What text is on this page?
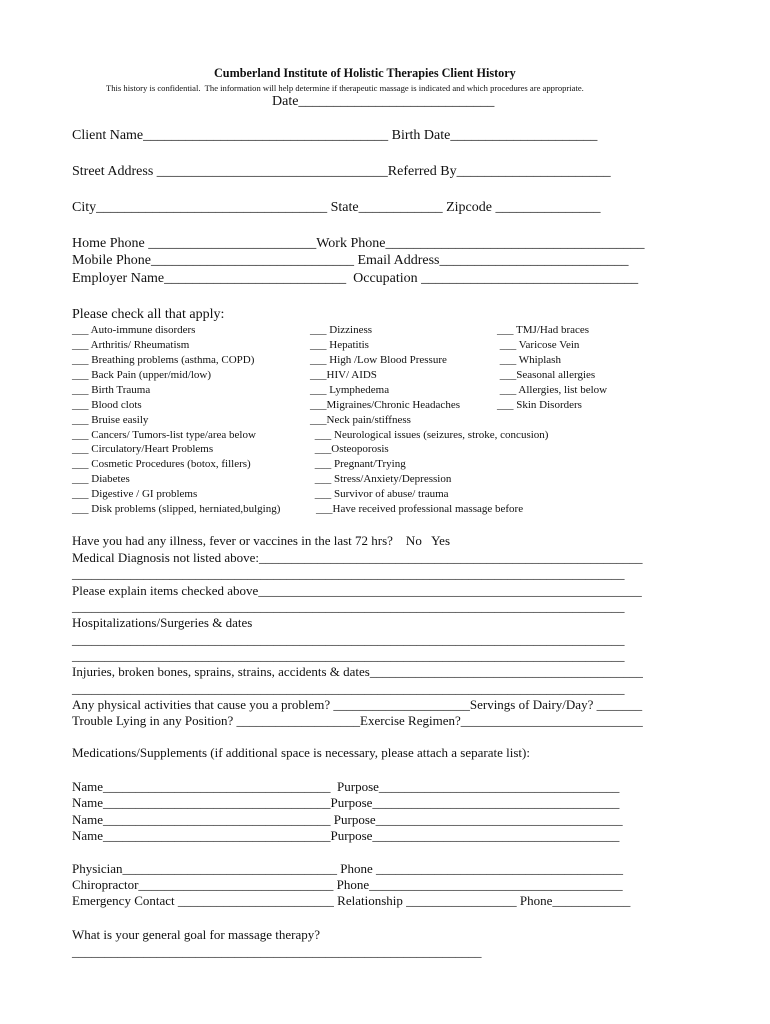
Cumberland Institute of Holistic Therapies Client History
This history is confidential.  The information will help determine if therapeutic massage is indicated and which procedures are appropriate.
Date____________________________
Client Name___________________________________ Birth Date_____________________
Street Address _________________________________Referred By______________________
City_________________________________ State____________ Zipcode _______________
Home Phone ________________________Work Phone_____________________________________
Mobile Phone_____________________________ Email Address___________________________
Employer Name__________________________  Occupation _______________________________
Please check all that apply:
___ Auto-immune disorders
___ Arthritis/ Rheumatism
___ Breathing problems (asthma, COPD)
___ Back Pain (upper/mid/low)
___ Birth Trauma
___ Blood clots
___ Bruise easily
___ Cancers/ Tumors-list type/area below
___ Circulatory/Heart Problems
___ Cosmetic Procedures (botox, fillers)
___ Diabetes
___ Digestive / GI problems
___ Disk problems (slipped, herniated,bulging)
___ Dizziness
___ Hepatitis
___ High /Low Blood Pressure
___HIV/ AIDS
___ Lymphedema
___Migraines/Chronic Headaches
___Neck pain/stiffness
___ Neurological issues (seizures, stroke, concusion)
___Osteoporosis
___ Pregnant/Trying
___ Stress/Anxiety/Depression
___ Survivor of abuse/ trauma
___Have received professional massage before
___ TMJ/Had braces
___ Varicose Vein
___ Whiplash
___Seasonal allergies
___ Allergies, list below
___ Skin Disorders
Have you had any illness, fever or vaccines in the last 72 hrs?    No   Yes
Medical Diagnosis not listed above:___________________________________________________________
_____________________________________________________________________________________
Please explain items checked above___________________________________________________________
_____________________________________________________________________________________
Hospitalizations/Surgeries & dates
_____________________________________________________________________________________
_____________________________________________________________________________________
Injuries, broken bones, sprains, strains, accidents & dates__________________________________________
_____________________________________________________________________________________
Any physical activities that cause you a problem? _____________________Servings of Dairy/Day? _______
Trouble Lying in any Position? ___________________Exercise Regimen?____________________________
Medications/Supplements (if additional space is necessary, please attach a separate list):
Name___________________________________  Purpose_____________________________________
Name___________________________________Purpose______________________________________
Name___________________________________ Purpose______________________________________
Name___________________________________Purpose______________________________________
Physician_________________________________ Phone ______________________________________
Chiropractor______________________________ Phone_______________________________________
Emergency Contact ________________________ Relationship _________________ Phone____________
What is your general goal for massage therapy?
_______________________________________________________________
